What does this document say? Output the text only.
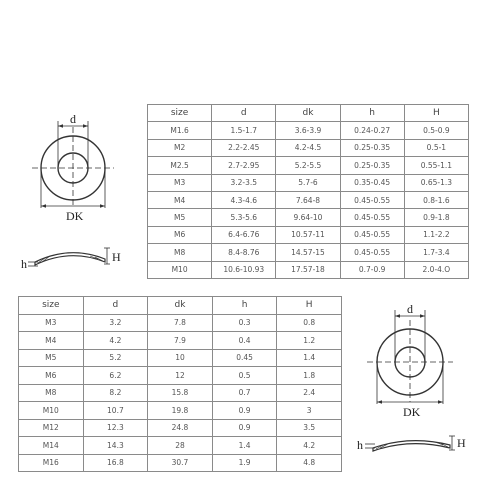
d
DK
h	H
size	d	dk	h	H
M1.6	1.5-1.7	3.6-3.9	0.24-0.27	0.5-0.9
M2	2.2-2.45	4.2-4.5	0.25-0.35	0.5-1
M2.5	2.7-2.95	5.2-5.5	0.25-0.35	0.55-1.1
M3	3.2-3.5	5.7-6	0.35-0.45	0.65-1.3
M4	4.3-4.6	7.64-8	0.45-0.55	0.8-1.6
M5	5.3-5.6	9.64-10	0.45-0.55	0.9-1.8
M6	6.4-6.76	10.57-11	0.45-0.55	1.1-2.2
M8	8.4-8.76	14.57-15	0.45-0.55	1.7-3.4
M10	10.6-10.93	17.57-18	0.7-0.9	2.0-4.O
size	d	dk	h	H
M3	3.2	7.8	0.3	0.8
M4	4.2	7.9	0.4	1.2
M5	5.2	10	0.45	1.4
M6	6.2	12	0.5	1.8
M8	8.2	15.8	0.7	2.4
M10	10.7	19.8	0.9	3
M12	12.3	24.8	0.9	3.5
M14	14.3	28	1.4	4.2
M16	16.8	30.7	1.9	4.8
d
DK
h	H
